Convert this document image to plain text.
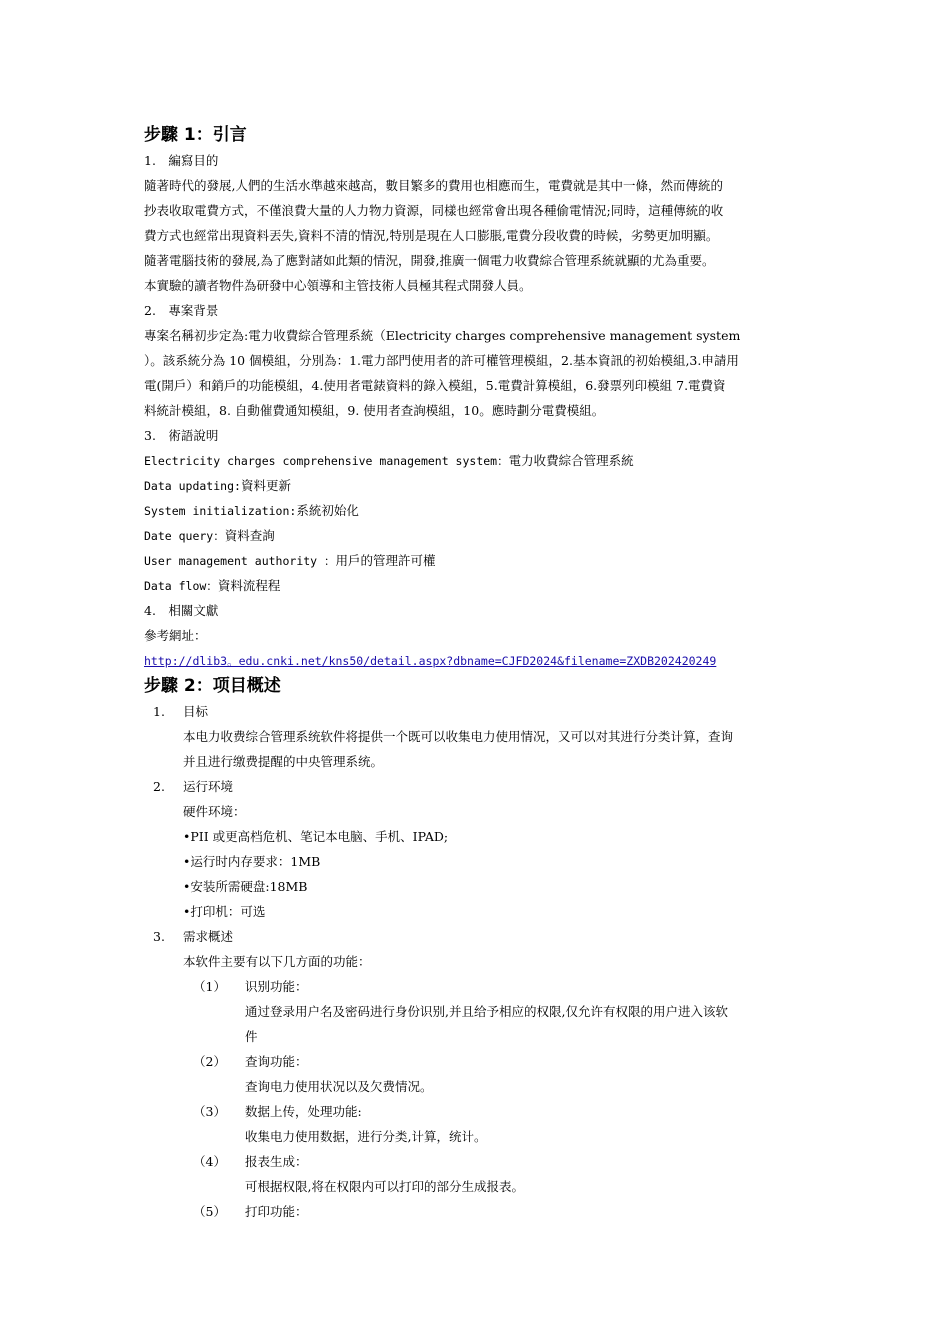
步驟 1：引言
1.　編寫目的
隨著時代的發展,人們的生活水準越來越高，數目繁多的費用也相應而生，電費就是其中一條，然而傳統的
抄表收取電費方式，不僅浪費大量的人力物力資源，同樣也經常會出現各種偷電情況;同時，這種傳統的收
費方式也經常出現資料丟失,資料不清的情況,特別是現在人口膨脹,電費分段收費的時候，劣勢更加明顯。
隨著電腦技術的發展,為了應對諸如此類的情況，開發,推廣一個電力收費綜合管理系統就顯的尤為重要。
本實驗的讀者物件為研發中心領導和主管技術人員極其程式開發人員。
2.　專案背景
專案名稱初步定為:電力收費綜合管理系統（Electricity charges comprehensive management system
）。該系統分為 10 個模組，分別為：1.電力部門使用者的許可權管理模組，2.基本資訊的初始模組,3.申請用
電(開戶）和銷戶的功能模組，4.使用者電錶資料的錄入模組，5.電費計算模組，6.發票列印模組 7.電費資
料統計模組，8. 自動催費通知模組，9. 使用者查詢模組，10。應時劃分電費模組。
3.　術語說明
Electricity charges comprehensive management system：電力收費綜合管理系統
Data updating:資料更新
System initialization:系統初始化
Date query：資料查詢
User management authority ：用戶的管理許可權
Data flow：資料流程程
4.　相關文獻
參考網址：
http://dlib3。edu.cnki.net/kns50/detail.aspx?dbname=CJFD2024&filename=ZXDB202420249
步驟 2：项目概述
1. 目标
本电力收费综合管理系统软件将提供一个既可以收集电力使用情况，又可以对其进行分类计算，查询
并且进行缴费提醒的中央管理系统。
2. 运行环境
硬件环境：
•PII 或更高档危机、笔记本电脑、手机、IPAD;
•运行时内存要求：1MB
•安装所需硬盘:18MB
•打印机：可选
3. 需求概述
本软件主要有以下几方面的功能：
（1） 识别功能：
通过登录用户名及密码进行身份识别,并且给予相应的权限,仅允许有权限的用户进入该软
件
（2） 查询功能：
查询电力使用状况以及欠费情况。
（3） 数据上传，处理功能:
收集电力使用数据，进行分类,计算，统计。
（4） 报表生成：
可根据权限,将在权限内可以打印的部分生成报表。
（5） 打印功能：
